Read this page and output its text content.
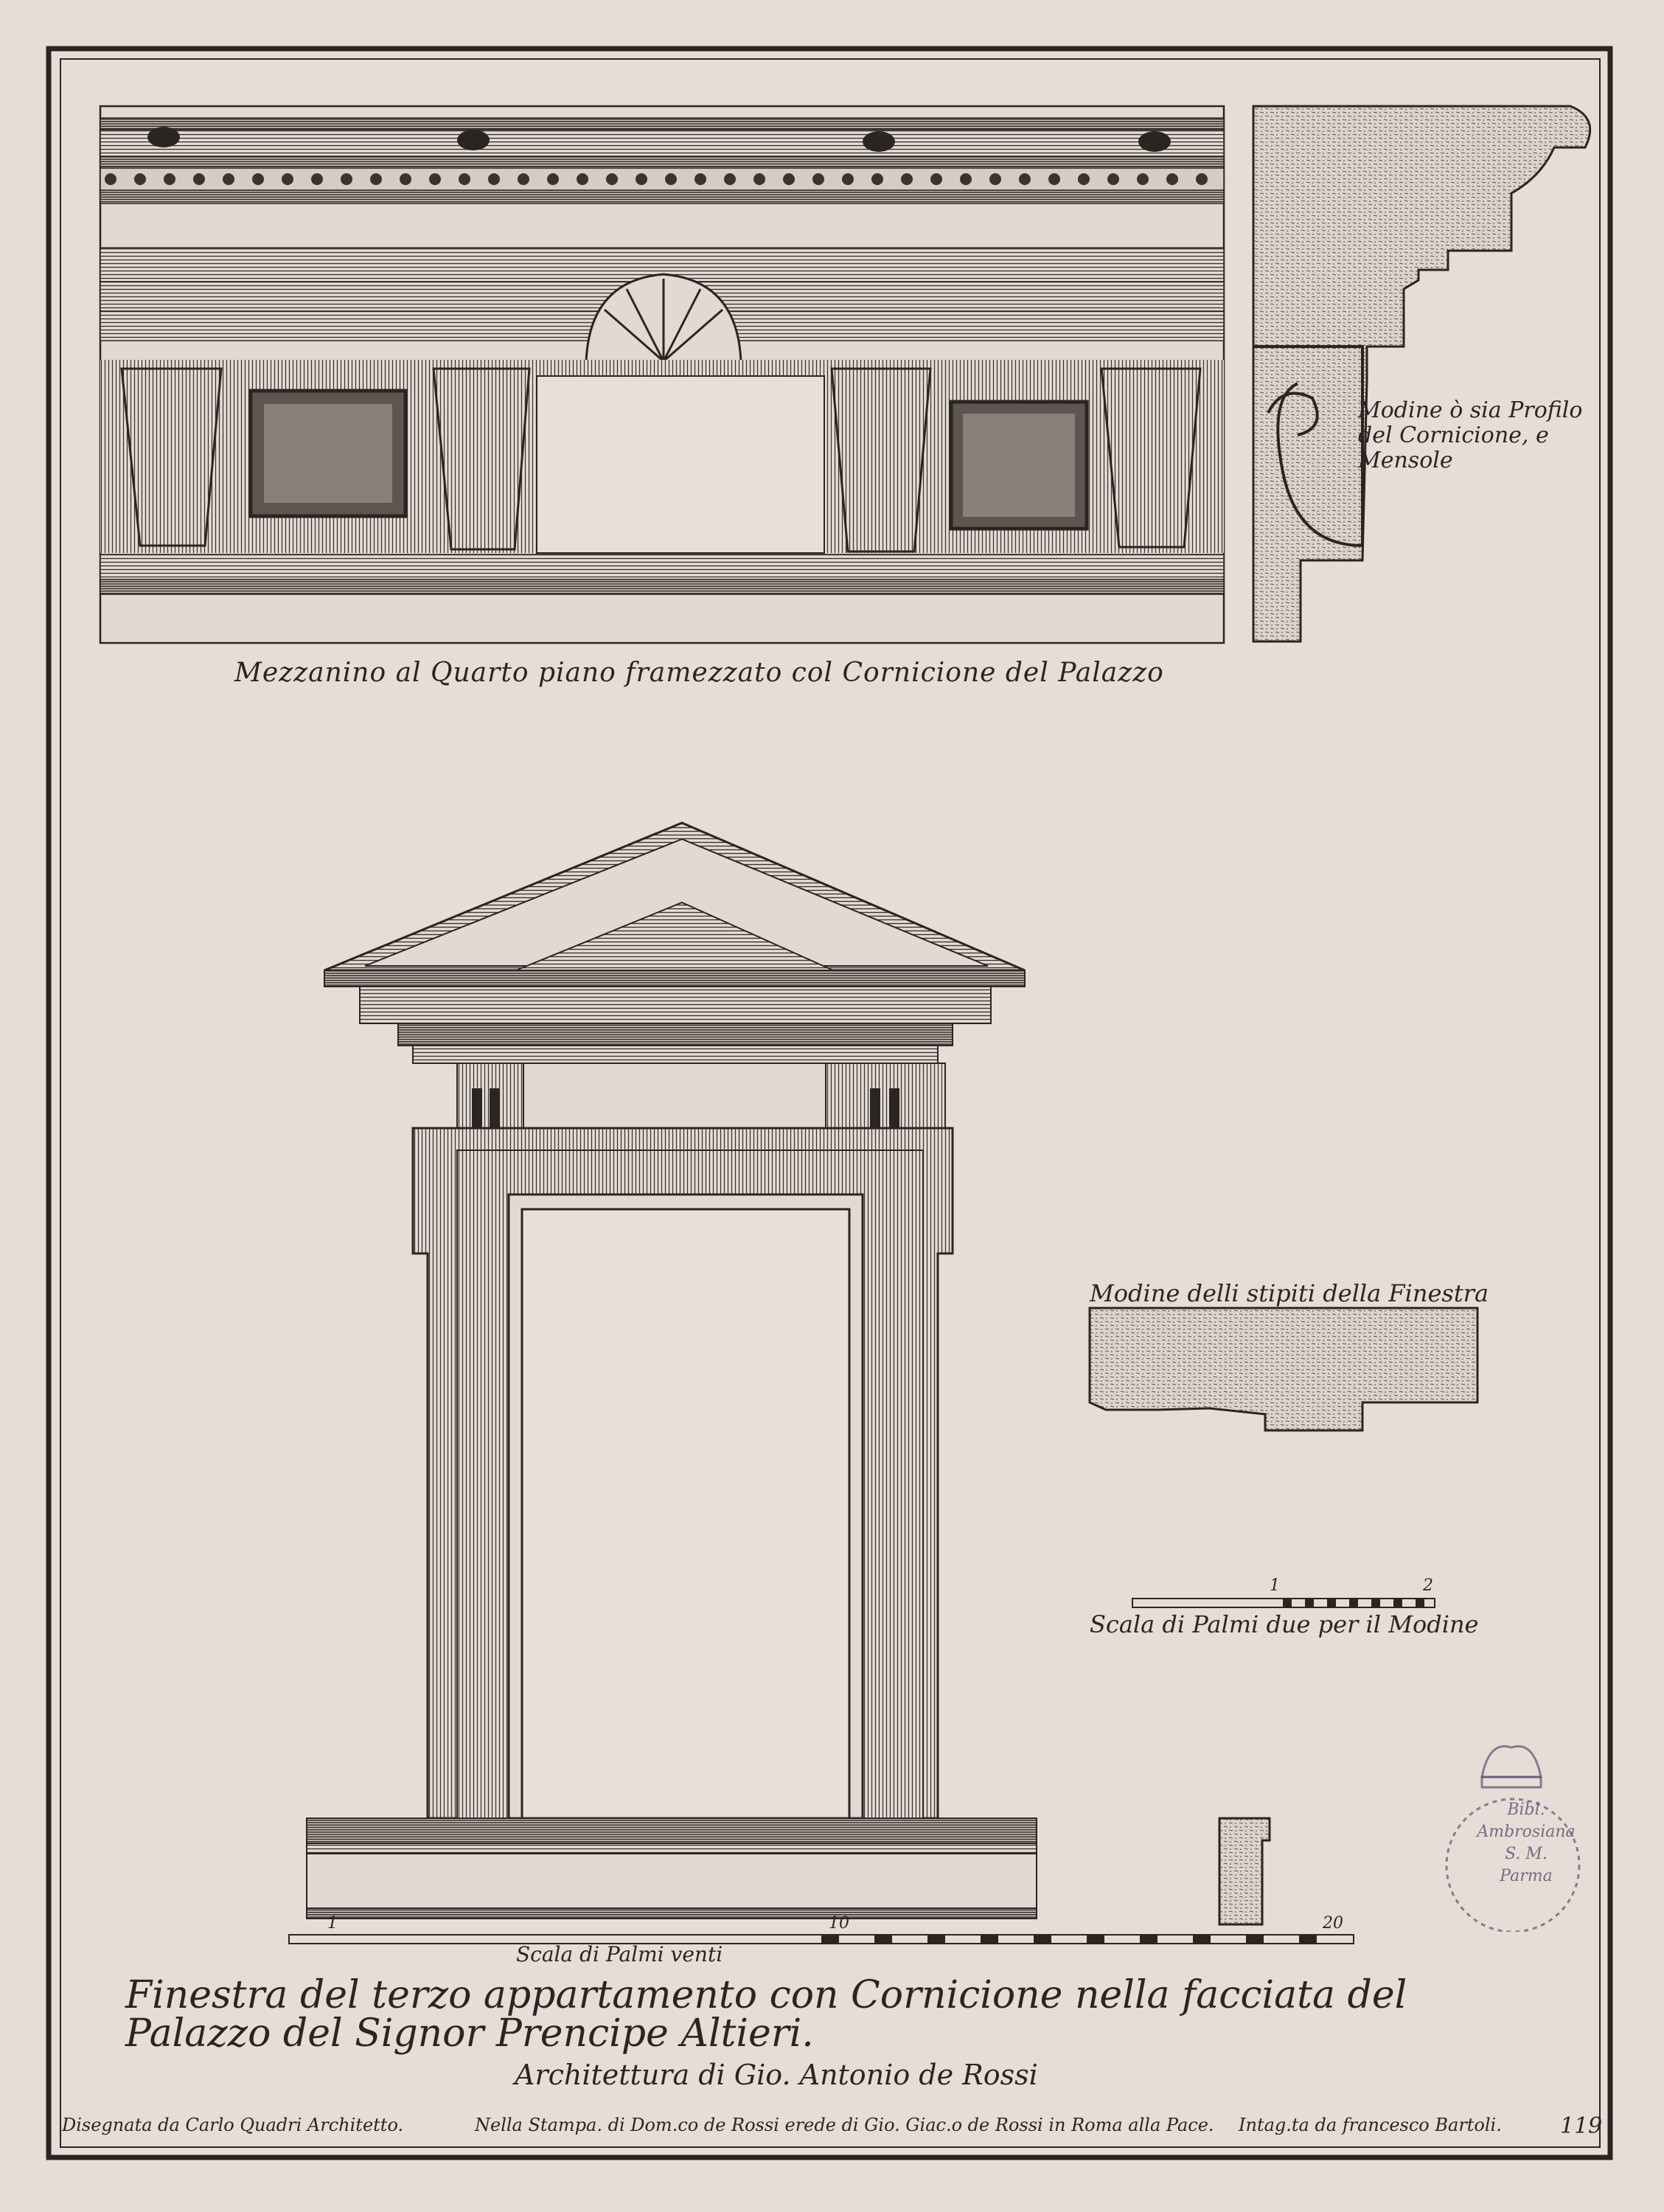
Bibl.
Ambrosiana
S. M.
Parma

Mezzanino al Quarto piano framezzato col Cornicione del Palazzo

Modine ò sia Profilo del Cornicione, e Mensole

Modine delli stipiti della Finestra

1	2

Scala di Palmi due per il Modine

1	10	20

Scala di Palmi venti

Finestra del terzo appartamento con Cornicione nella facciata del Palazzo del Signor Prencipe Altieri.

Architettura di Gio. Antonio de Rossi

Disegnata da Carlo Quadri Architetto.	Nella Stampa. di Dom.co de Rossi erede di Gio. Giac.o de Rossi in Roma alla Pace. Intag.ta da francesco Bartoli.	119
